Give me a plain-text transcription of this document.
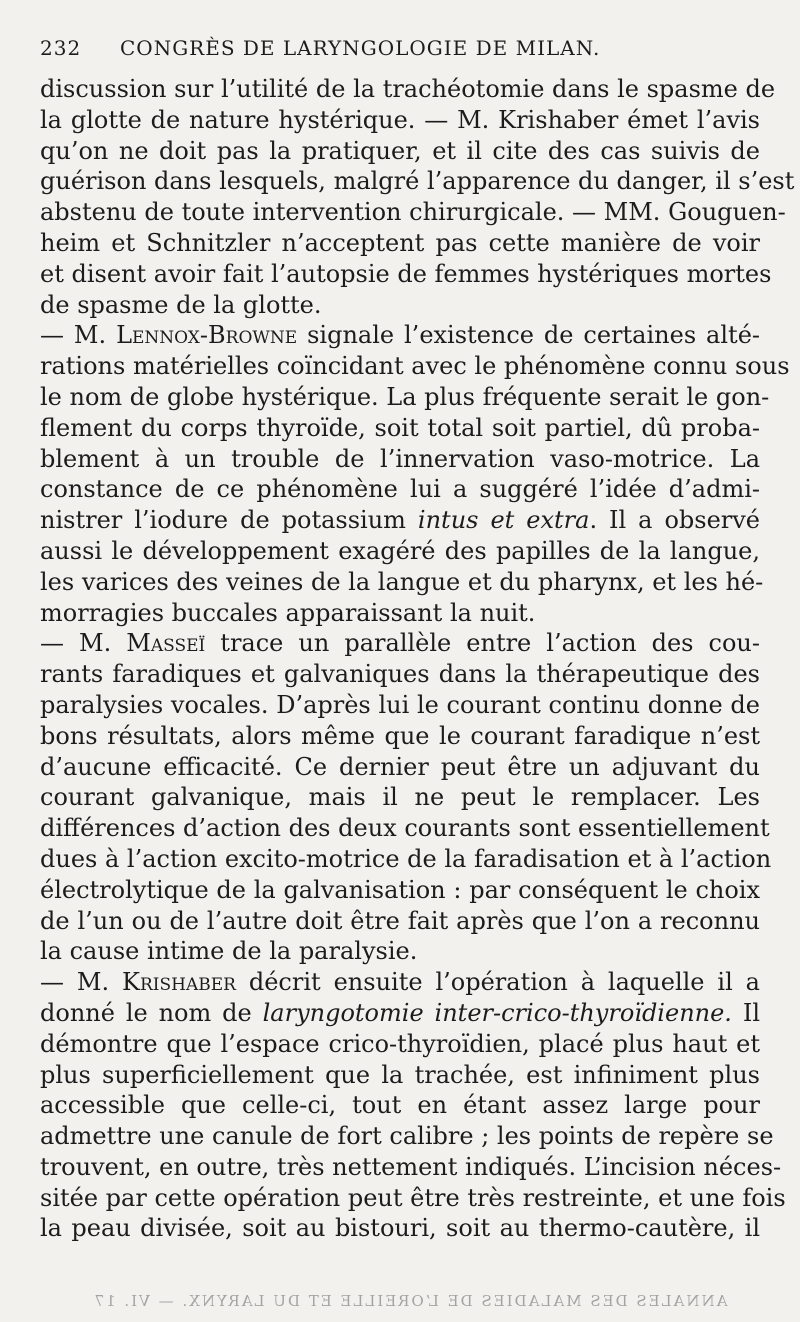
232	CONGRÈS DE LARYNGOLOGIE DE MILAN.
discussion sur l’utilité de la trachéotomie dans le spasme de
la glotte de nature hystérique. — M. Krishaber émet l’avis
qu’on ne doit pas la pratiquer, et il cite des cas suivis de
guérison dans lesquels, malgré l’apparence du danger, il s’est
abstenu de toute intervention chirurgicale. — MM. Gouguen-
heim et Schnitzler n’acceptent pas cette manière de voir
et disent avoir fait l’autopsie de femmes hystériques mortes
de spasme de la glotte.
— M. Lennox-Browne signale l’existence de certaines alté-
rations matérielles coïncidant avec le phénomène connu sous
le nom de globe hystérique. La plus fréquente serait le gon-
flement du corps thyroïde, soit total soit partiel, dû proba-
blement à un trouble de l’innervation vaso-motrice. La
constance de ce phénomène lui a suggéré l’idée d’admi-
nistrer l’iodure de potassium intus et extra. Il a observé
aussi le développement exagéré des papilles de la langue,
les varices des veines de la langue et du pharynx, et les hé-
morragies buccales apparaissant la nuit.
— M. Masseï trace un parallèle entre l’action des cou-
rants faradiques et galvaniques dans la thérapeutique des
paralysies vocales. D’après lui le courant continu donne de
bons résultats, alors même que le courant faradique n’est
d’aucune efficacité. Ce dernier peut être un adjuvant du
courant galvanique, mais il ne peut le remplacer. Les
différences d’action des deux courants sont essentiellement
dues à l’action excito-motrice de la faradisation et à l’action
électrolytique de la galvanisation : par conséquent le choix
de l’un ou de l’autre doit être fait après que l’on a reconnu
la cause intime de la paralysie.
— M. Krishaber décrit ensuite l’opération à laquelle il a
donné le nom de laryngotomie inter-crico-thyroïdienne. Il
démontre que l’espace crico-thyroïdien, placé plus haut et
plus superficiellement que la trachée, est infiniment plus
accessible que celle-ci, tout en étant assez large pour
admettre une canule de fort calibre ; les points de repère se
trouvent, en outre, très nettement indiqués. L’incision néces-
sitée par cette opération peut être très restreinte, et une fois
la peau divisée, soit au bistouri, soit au thermo-cautère, il
ANNALES DES MALADIES DE L’OREILLE ET DU LARYNX. — VI. 17
